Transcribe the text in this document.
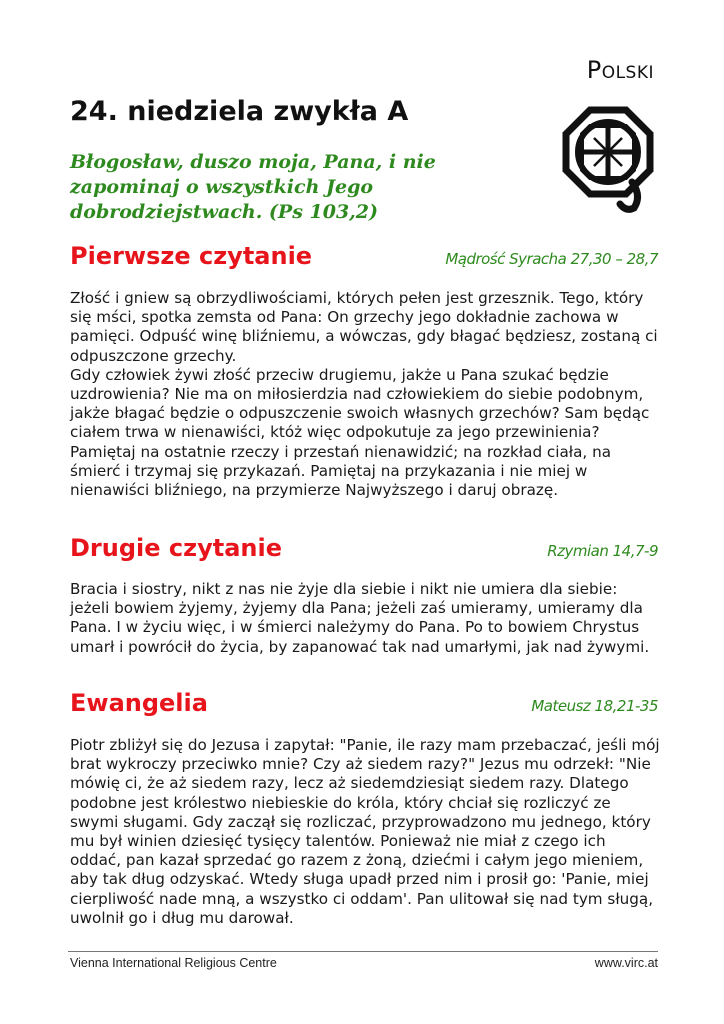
Polski
24. niedziela zwykła A

Błogosław, duszo moja, Pana, i nie zapominaj o wszystkich Jego dobrodziejstwach. (Ps 103,2)

Pierwsze czytanie	Mądrość Syracha 27,30 – 28,7

Złość i gniew są obrzydliwościami, których pełen jest grzesznik. Tego, który się mści, spotka zemsta od Pana: On grzechy jego dokładnie zachowa w pamięci. Odpuść winę bliźniemu, a wówczas, gdy błagać będziesz, zostaną ci odpuszczone grzechy.

Gdy człowiek żywi złość przeciw drugiemu, jakże u Pana szukać będzie uzdrowienia? Nie ma on miłosierdzia nad człowiekiem do siebie podobnym, jakże błagać będzie o odpuszczenie swoich własnych grzechów? Sam będąc ciałem trwa w nienawiści, któż więc odpokutuje za jego przewinienia? Pamiętaj na ostatnie rzeczy i przestań nienawidzić; na rozkład ciała, na śmierć i trzymaj się przykazań. Pamiętaj na przykazania i nie miej w nienawiści bliźniego, na przymierze Najwyższego i daruj obrazę.

Drugie czytanie	Rzymian 14,7-9

Bracia i siostry, nikt z nas nie żyje dla siebie i nikt nie umiera dla siebie: jeżeli bowiem żyjemy, żyjemy dla Pana; jeżeli zaś umieramy, umieramy dla Pana. I w życiu więc, i w śmierci należymy do Pana. Po to bowiem Chrystus umarł i powrócił do życia, by zapanować tak nad umarłymi, jak nad żywymi.

Ewangelia	Mateusz 18,21-35

Piotr zbliżył się do Jezusa i zapytał: "Panie, ile razy mam przebaczać, jeśli mój brat wykroczy przeciwko mnie? Czy aż siedem razy?" Jezus mu odrzekł: "Nie mówię ci, że aż siedem razy, lecz aż siedemdziesiąt siedem razy. Dlatego podobne jest królestwo niebieskie do króla, który chciał się rozliczyć ze swymi sługami. Gdy zaczął się rozliczać, przyprowadzono mu jednego, który mu był winien dziesięć tysięcy talentów. Ponieważ nie miał z czego ich oddać, pan kazał sprzedać go razem z żoną, dziećmi i całym jego mieniem, aby tak dług odzyskać. Wtedy sługa upadł przed nim i prosił go: 'Panie, miej cierpliwość nade mną, a wszystko ci oddam'. Pan ulitował się nad tym sługą, uwolnił go i dług mu darował.

Vienna International Religious Centre	www.virc.at
